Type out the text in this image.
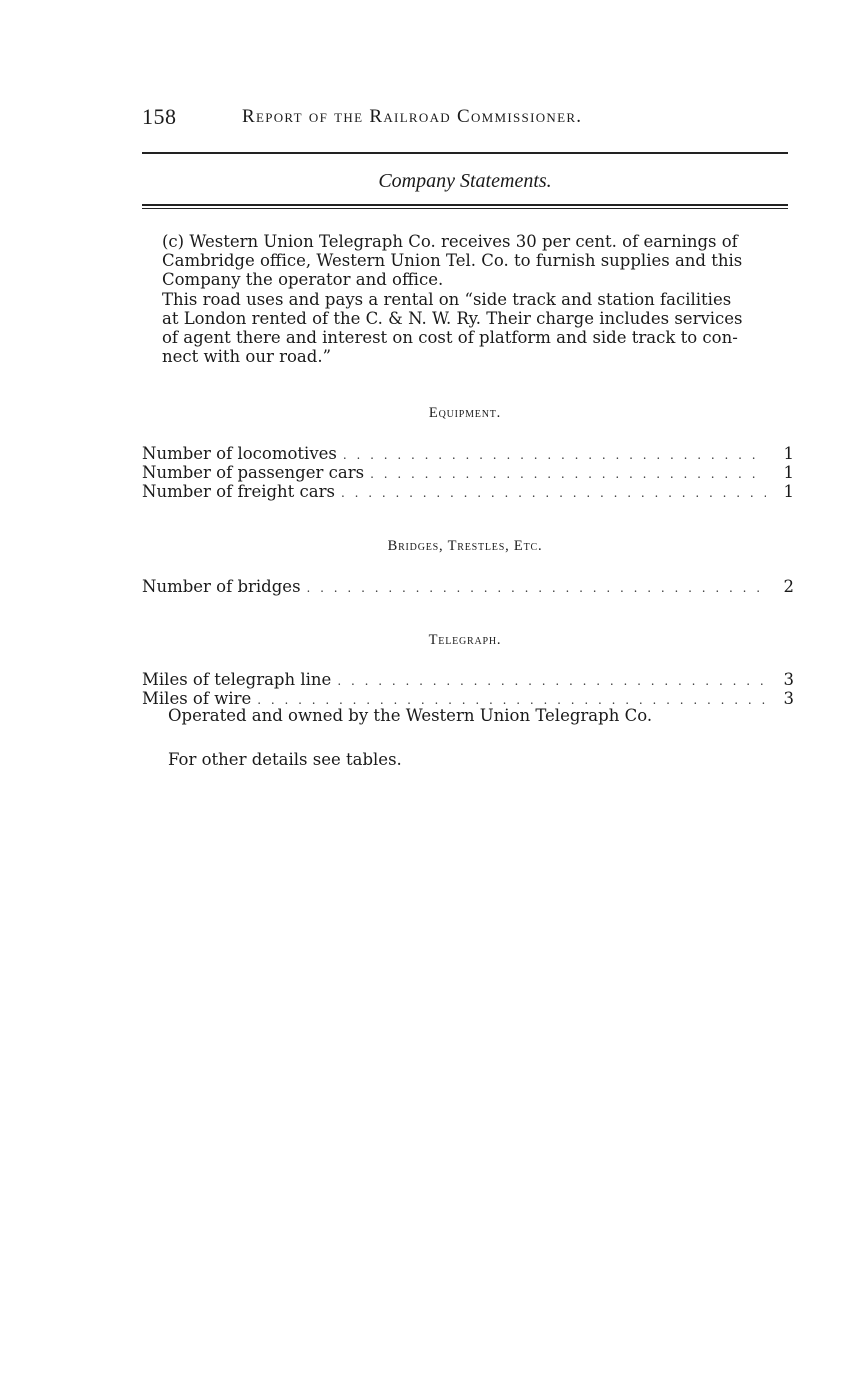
158	Report of the Railroad Commissioner.
Company Statements.
(c) Western Union Telegraph Co. receives 30 per cent. of earnings of
Cambridge office, Western Union Tel. Co. to furnish supplies and this
Company the operator and office.
This road uses and pays a rental on “side track and station facilities
at London rented of the C. & N. W. Ry. Their charge includes services
of agent there and interest on cost of platform and side track to con-
nect with our road.”
Equipment.
Number of locomotives . . .	1
Number of passenger cars . . .	1
Number of freight cars . . .	1
Bridges, Trestles, Etc.
Number of bridges . . .	2
Telegraph.
Miles of telegraph line . . .	3
Miles of wire . . .	3
Operated and owned by the Western Union Telegraph Co.
For other details see tables.
